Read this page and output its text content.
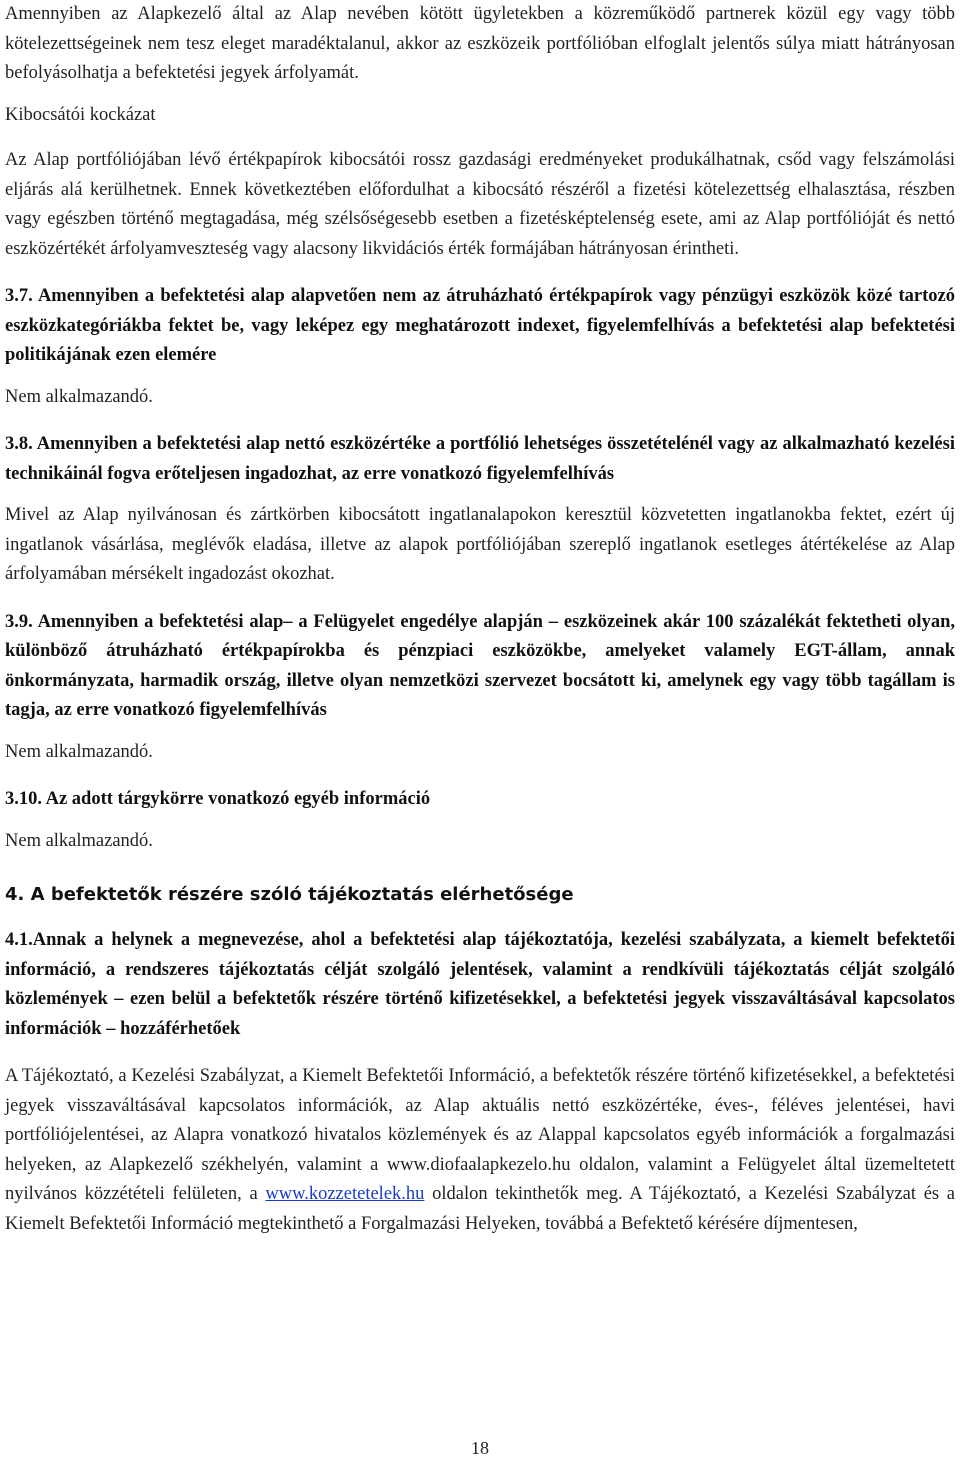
Amennyiben az Alapkezelő által az Alap nevében kötött ügyletekben a közreműködő partnerek közül egy vagy több kötelezettségeinek nem tesz eleget maradéktalanul, akkor az eszközeik portfólióban elfoglalt jelentős súlya miatt hátrányosan befolyásolhatja a befektetési jegyek árfolyamát.

Kibocsátói kockázat

Az Alap portfóliójában lévő értékpapírok kibocsátói rossz gazdasági eredményeket produkálhatnak, csőd vagy felszámolási eljárás alá kerülhetnek. Ennek következtében előfordulhat a kibocsátó részéről a fizetési kötelezettség elhalasztása, részben vagy egészben történő megtagadása, még szélsőségesebb esetben a fizetésképtelenség esete, ami az Alap portfólióját és nettó eszközértékét árfolyamveszteség vagy alacsony likvidációs érték formájában hátrányosan érintheti.

3.7. Amennyiben a befektetési alap alapvetően nem az átruházható értékpapírok vagy pénzügyi eszközök közé tartozó eszközkategóriákba fektet be, vagy leképez egy meghatározott indexet, figyelemfelhívás a befektetési alap befektetési politikájának ezen elemére

Nem alkalmazandó.

3.8. Amennyiben a befektetési alap nettó eszközértéke a portfólió lehetséges összetételénél vagy az alkalmazható kezelési technikáinál fogva erőteljesen ingadozhat, az erre vonatkozó figyelemfelhívás

Mivel az Alap nyilvánosan és zártkörben kibocsátott ingatlanalapokon keresztül közvetetten ingatlanokba fektet, ezért új ingatlanok vásárlása, meglévők eladása, illetve az alapok portfóliójában szereplő ingatlanok esetleges átértékelése az Alap árfolyamában mérsékelt ingadozást okozhat.

3.9. Amennyiben a befektetési alap– a Felügyelet engedélye alapján – eszközeinek akár 100 százalékát fektetheti olyan, különböző átruházható értékpapírokba és pénzpiaci eszközökbe, amelyeket valamely EGT-állam, annak önkormányzata, harmadik ország, illetve olyan nemzetközi szervezet bocsátott ki, amelynek egy vagy több tagállam is tagja, az erre vonatkozó figyelemfelhívás

Nem alkalmazandó.

3.10. Az adott tárgykörre vonatkozó egyéb információ

Nem alkalmazandó.

4. A befektetők részére szóló tájékoztatás elérhetősége

4.1.Annak a helynek a megnevezése, ahol a befektetési alap tájékoztatója, kezelési szabályzata, a kiemelt befektetői információ, a rendszeres tájékoztatás célját szolgáló jelentések, valamint a rendkívüli tájékoztatás célját szolgáló közlemények – ezen belül a befektetők részére történő kifizetésekkel, a befektetési jegyek visszaváltásával kapcsolatos információk – hozzáférhetőek

A Tájékoztató, a Kezelési Szabályzat, a Kiemelt Befektetői Információ, a befektetők részére történő kifizetésekkel, a befektetési jegyek visszaváltásával kapcsolatos információk, az Alap aktuális nettó eszközértéke, éves-, féléves jelentései, havi portfóliójelentései, az Alapra vonatkozó hivatalos közlemények és az Alappal kapcsolatos egyéb információk a forgalmazási helyeken, az Alapkezelő székhelyén, valamint a www.diofaalapkezelo.hu oldalon, valamint a Felügyelet által üzemeltetett nyilvános közzétételi felületen, a www.kozzetetelek.hu oldalon tekinthetők meg. A Tájékoztató, a Kezelési Szabályzat és a Kiemelt Befektetői Információ megtekinthető a Forgalmazási Helyeken, továbbá a Befektető kérésére díjmentesen,

18
